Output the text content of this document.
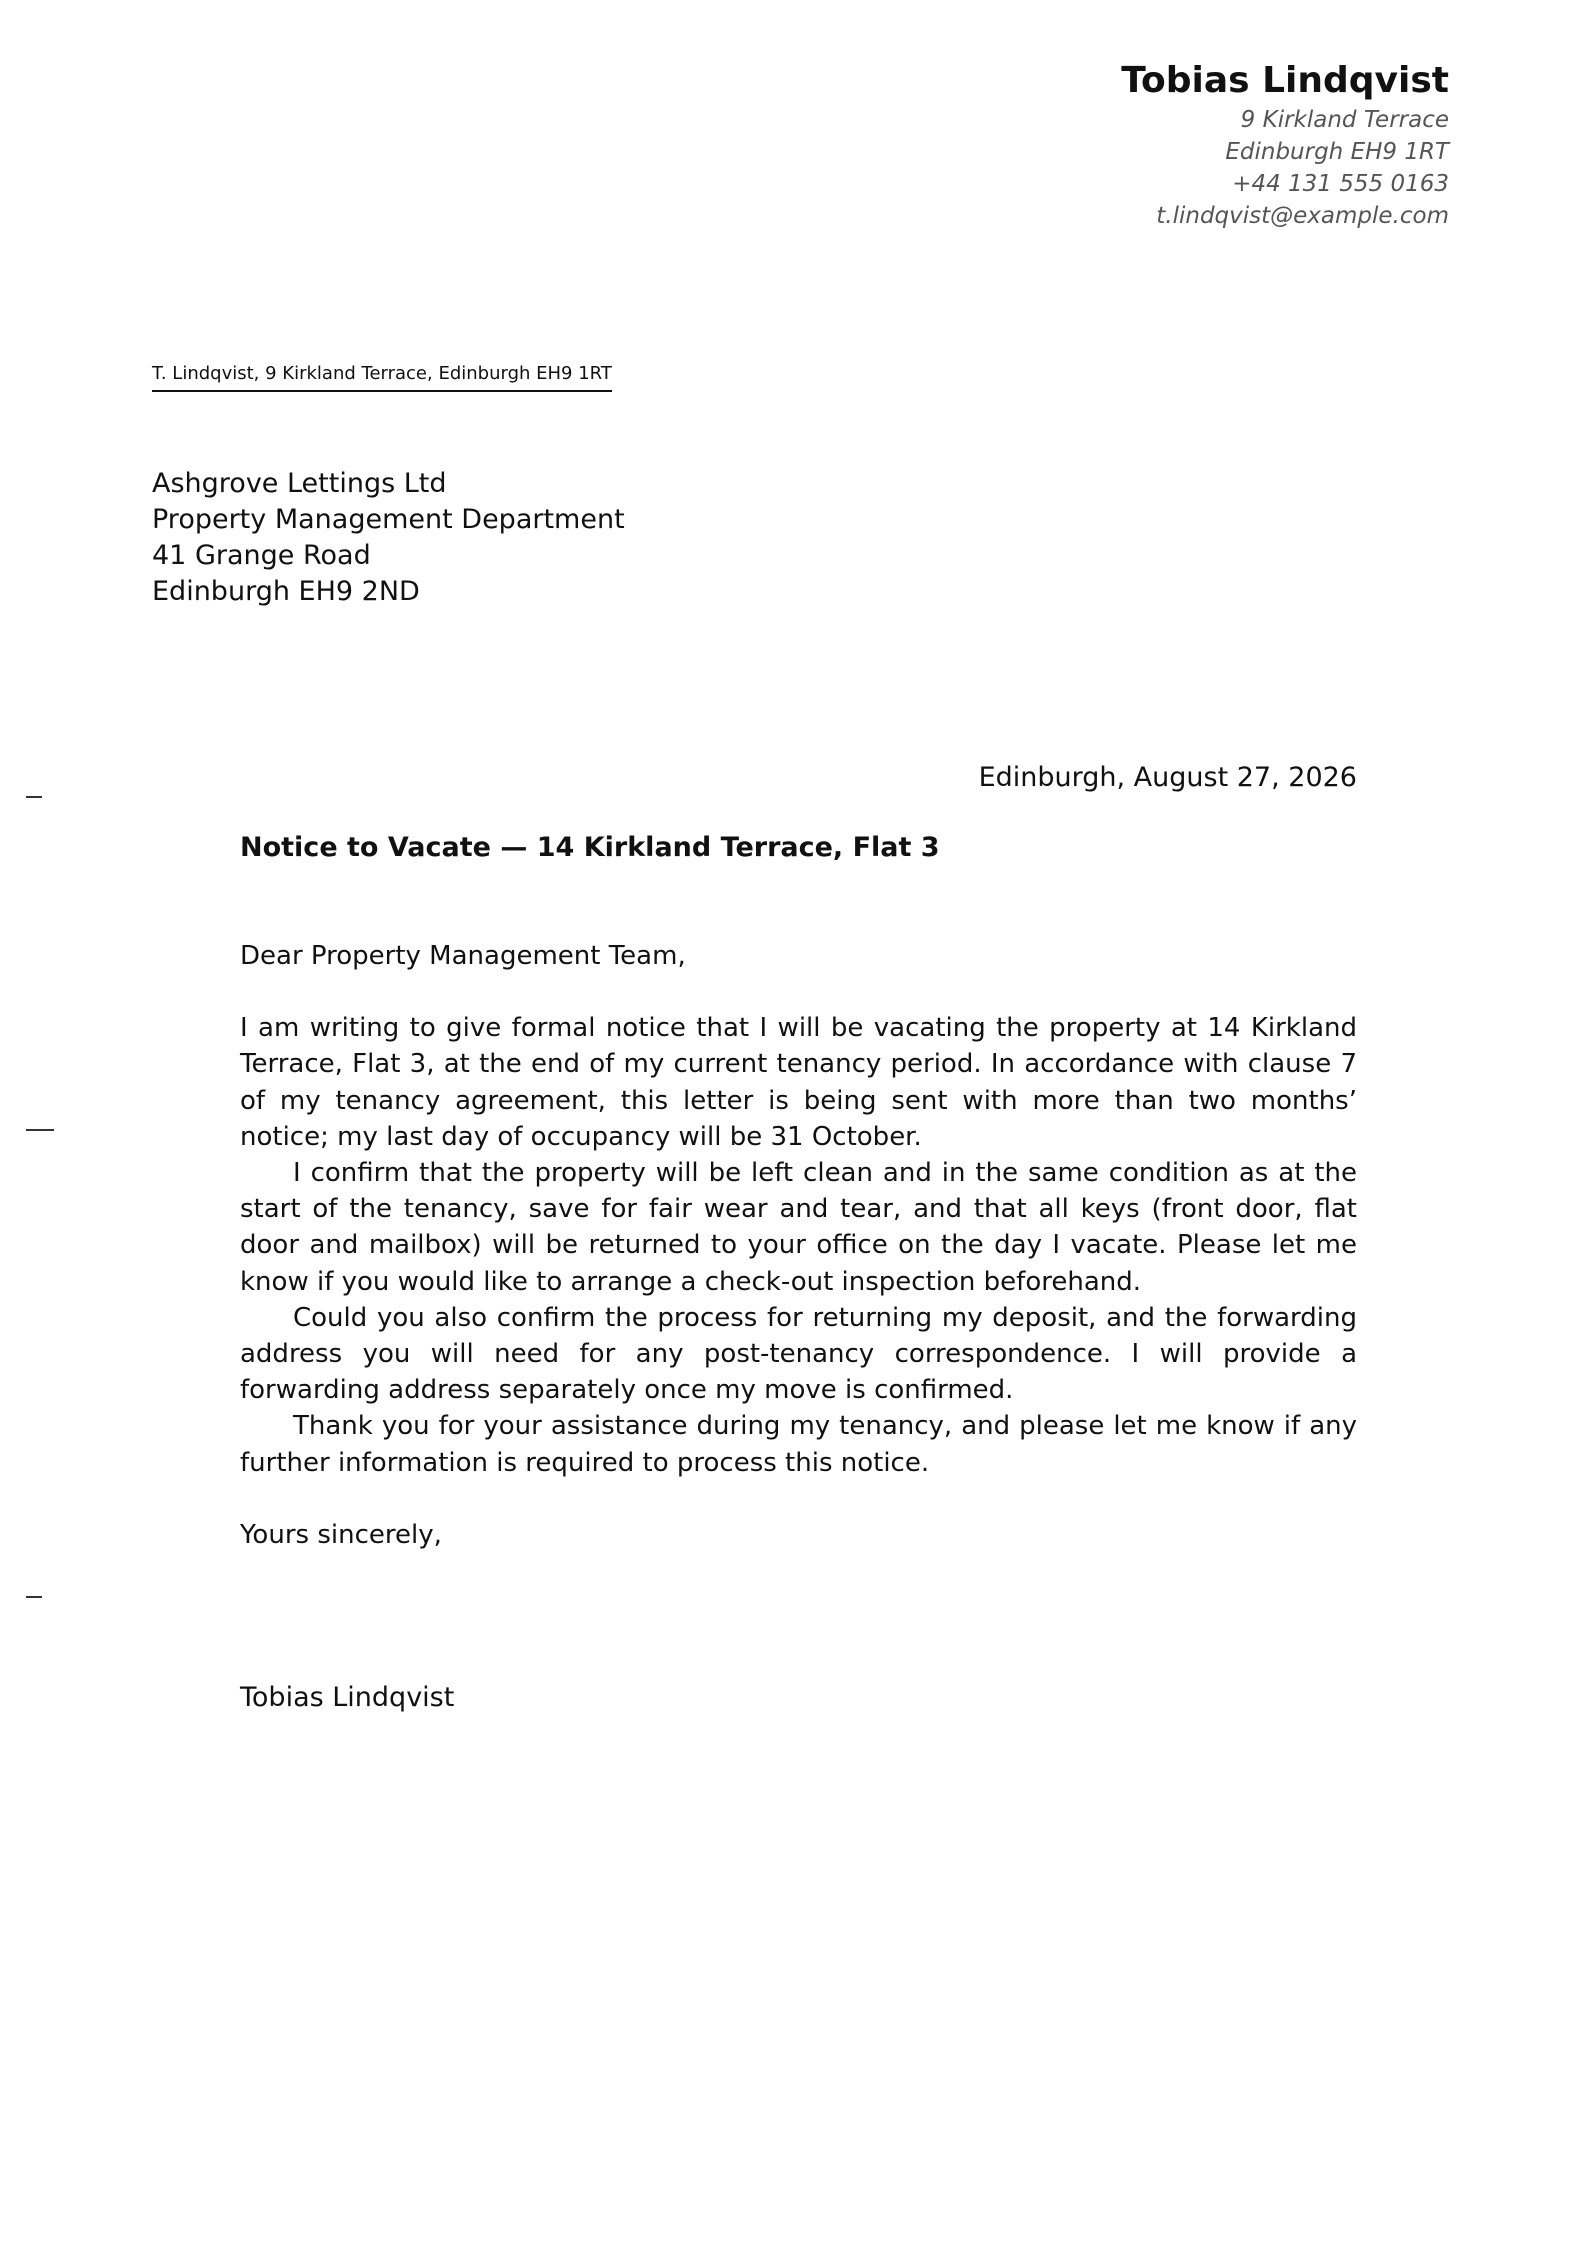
Tobias Lindqvist
9 Kirkland Terrace
Edinburgh EH9 1RT
+44 131 555 0163
t.lindqvist@example.com
T. Lindqvist, 9 Kirkland Terrace, Edinburgh EH9 1RT
Ashgrove Lettings Ltd
Property Management Department
41 Grange Road
Edinburgh EH9 2ND
Edinburgh, August 27, 2026
Notice to Vacate — 14 Kirkland Terrace, Flat 3

Dear Property Management Team,

I am writing to give formal notice that I will be vacating the property at 14 Kirkland Terrace, Flat 3, at the end of my current tenancy period. In accordance with clause 7 of my tenancy agreement, this letter is being sent with more than two months’ notice; my last day of occupancy will be 31 October.

I confirm that the property will be left clean and in the same condition as at the start of the tenancy, save for fair wear and tear, and that all keys (front door, flat door and mailbox) will be returned to your office on the day I vacate. Please let me know if you would like to arrange a check-out inspection beforehand.

Could you also confirm the process for returning my deposit, and the forwarding address you will need for any post-tenancy correspondence. I will provide a forwarding address separately once my move is confirmed.

Thank you for your assistance during my tenancy, and please let me know if any further information is required to process this notice.

Yours sincerely,

Tobias Lindqvist
